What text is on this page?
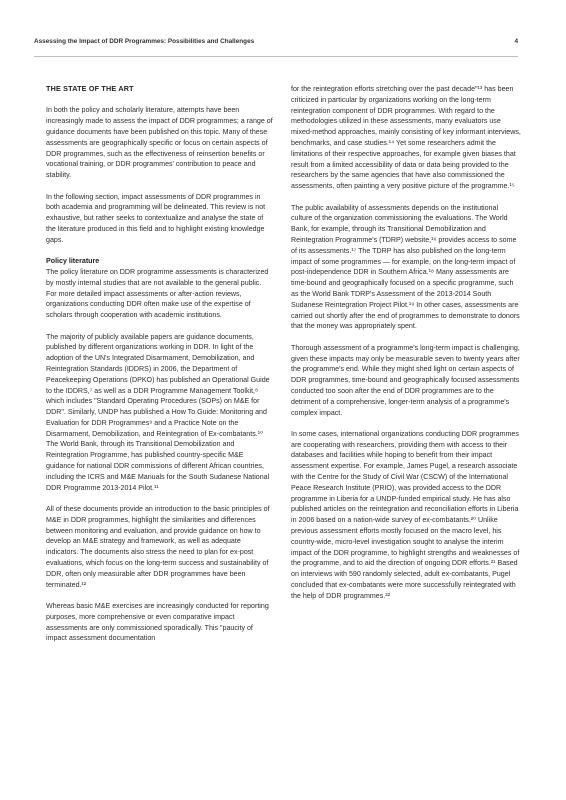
Assessing the Impact of DDR Programmes: Possibilities and Challenges	4
THE STATE OF THE ART

In both the policy and scholarly literature, attempts have been increasingly made to assess the impact of DDR programmes; a range of guidance documents have been published on this topic. Many of these assessments are geographically specific or focus on certain aspects of DDR programmes, such as the effectiveness of reinsertion benefits or vocational training, or DDR programmes' contribution to peace and stability.

In the following section, impact assessments of DDR programmes in both academia and programming will be delineated. This review is not exhaustive, but rather seeks to contextualize and analyse the state of the literature produced in this field and to highlight existing knowledge gaps.

Policy literature

The policy literature on DDR programme assessments is characterized by mostly internal studies that are not available to the general public. For more detailed impact assessments or after-action reviews, organizations conducting DDR often make use of the expertise of scholars through cooperation with academic institutions.

The majority of publicly available papers are guidance documents, published by different organizations working in DDR. In light of the adoption of the UN's Integrated Disarmament, Demobilization, and Reintegration Standards (IDDRS) in 2006, the Department of Peacekeeping Operations (DPKO) has published an Operational Guide to the IDDRS,⁷ as well as a DDR Programme Management Toolkit,⁸ which includes "Standard Operating Procedures (SOPs) on M&E for DDR". Similarly, UNDP has published a How To Guide: Monitoring and Evaluation for DDR Programmes⁹ and a Practice Note on the Disarmament, Demobilization, and Reintegration of Ex-combatants.¹⁰ The World Bank, through its Transitional Demobilization and Reintegration Programme, has published country-specific M&E guidance for national DDR commissions of different African countries, including the ICRS and M&E Manuals for the South Sudanese National DDR Programme 2013-2014 Pilot.¹¹

All of these documents provide an introduction to the basic principles of M&E in DDR programmes, highlight the similarities and differences between monitoring and evaluation, and provide guidance on how to develop an M&E strategy and framework, as well as adequate indicators. The documents also stress the need to plan for ex-post evaluations, which focus on the long-term success and sustainability of DDR, often only measurable after DDR programmes have been terminated.¹²

Whereas basic M&E exercises are increasingly conducted for reporting purposes, more comprehensive or even comparative impact assessments are only commissioned sporadically. This "paucity of impact assessment documentation

for the reintegration efforts stretching over the past decade"¹³ has been criticized in particular by organizations working on the long-term reintegration component of DDR programmes. With regard to the methodologies utilized in these assessments, many evaluators use mixed-method approaches, mainly consisting of key informant interviews, benchmarks, and case studies.¹⁴ Yet some researchers admit the limitations of their respective approaches, for example given biases that result from a limited accessibility of data or data being provided to the researchers by the same agencies that have also commissioned the assessments, often painting a very positive picture of the programme.¹⁵

The public availability of assessments depends on the institutional culture of the organization commissioning the evaluations. The World Bank, for example, through its Transitional Demobilization and Reintegration Programme's (TDRP) website,¹⁶ provides access to some of its assessments.¹⁷ The TDRP has also published on the long-term impact of some programmes — for example, on the long-term impact of post-independence DDR in Southern Africa.¹⁸ Many assessments are time-bound and geographically focused on a specific programme, such as the World Bank TDRP's Assessment of the 2013-2014 South Sudanese Reintegration Project Pilot.¹⁹ In other cases, assessments are carried out shortly after the end of programmes to demonstrate to donors that the money was appropriately spent.

Thorough assessment of a programme's long-term impact is challenging, given these impacts may only be measurable seven to twenty years after the programme's end. While they might shed light on certain aspects of DDR programmes, time-bound and geographically focused assessments conducted too soon after the end of DDR programmes are to the detriment of a comprehensive, longer-term analysis of a programme's complex impact.

In some cases, international organizations conducting DDR programmes are cooperating with researchers, providing them with access to their databases and facilities while hoping to benefit from their impact assessment expertise. For example, James Pugel, a research associate with the Centre for the Study of Civil War (CSCW) of the International Peace Research Institute (PRIO), was provided access to the DDR programme in Liberia for a UNDP-funded empirical study. He has also published articles on the reintegration and reconciliation efforts in Liberia in 2006 based on a nation-wide survey of ex-combatants.²⁰ Unlike previous assessment efforts mostly focused on the macro level, his country-wide, micro-level investigation sought to analyse the interim impact of the DDR programme, to highlight strengths and weaknesses of the programme, and to aid the direction of ongoing DDR efforts.²¹ Based on interviews with 590 randomly selected, adult ex-combatants, Pugel concluded that ex-combatants were more successfully reintegrated with the help of DDR programmes.²²
